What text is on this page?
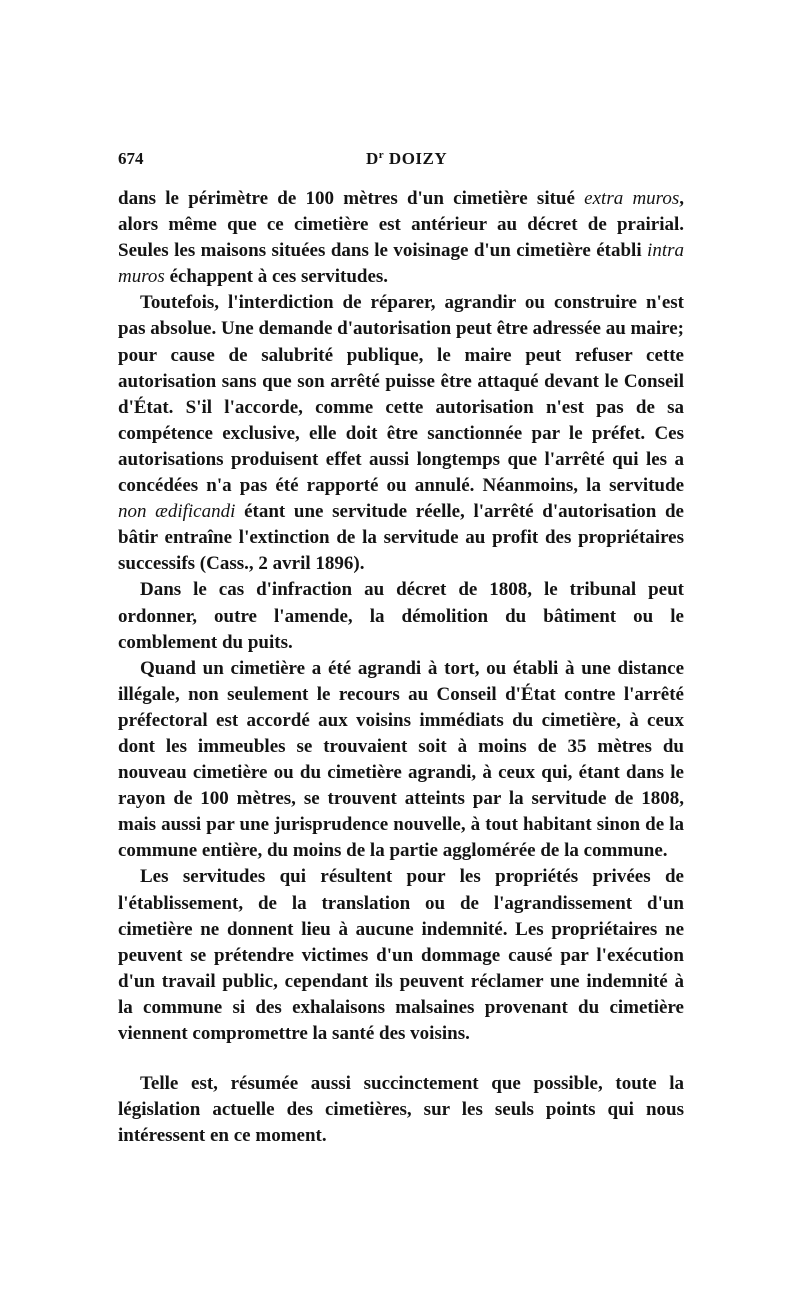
674	$D^r$ DOIZY

dans le périmètre de 100 mètres d'un cimetière situé extra muros, alors même que ce cimetière est antérieur au décret de prairial. Seules les maisons situées dans le voisinage d'un cimetière établi intra muros échappent à ces servitudes.

Toutefois, l'interdiction de réparer, agrandir ou construire n'est pas absolue. Une demande d'autorisation peut être adressée au maire; pour cause de salubrité publique, le maire peut refuser cette autorisation sans que son arrêté puisse être attaqué devant le Conseil d'État. S'il l'accorde, comme cette autorisation n'est pas de sa compétence exclusive, elle doit être sanctionnée par le préfet. Ces autorisations produisent effet aussi longtemps que l'arrêté qui les a concédées n'a pas été rapporté ou annulé. Néanmoins, la servitude non ædificandi étant une servitude réelle, l'arrêté d'autorisation de bâtir entraîne l'extinction de la servitude au profit des propriétaires successifs (Cass., 2 avril 1896).

Dans le cas d'infraction au décret de 1808, le tribunal peut ordonner, outre l'amende, la démolition du bâtiment ou le comblement du puits.

Quand un cimetière a été agrandi à tort, ou établi à une distance illégale, non seulement le recours au Conseil d'État contre l'arrêté préfectoral est accordé aux voisins immédiats du cimetière, à ceux dont les immeubles se trouvaient soit à moins de 35 mètres du nouveau cimetière ou du cimetière agrandi, à ceux qui, étant dans le rayon de 100 mètres, se trouvent atteints par la servitude de 1808, mais aussi par une jurisprudence nouvelle, à tout habitant sinon de la commune entière, du moins de la partie agglomérée de la commune.

Les servitudes qui résultent pour les propriétés privées de l'établissement, de la translation ou de l'agrandissement d'un cimetière ne donnent lieu à aucune indemnité. Les propriétaires ne peuvent se prétendre victimes d'un dommage causé par l'exécution d'un travail public, cependant ils peuvent réclamer une indemnité à la commune si des exhalaisons malsaines provenant du cimetière viennent compromettre la santé des voisins.

Telle est, résumée aussi succinctement que possible, toute la législation actuelle des cimetières, sur les seuls points qui nous intéressent en ce moment.
